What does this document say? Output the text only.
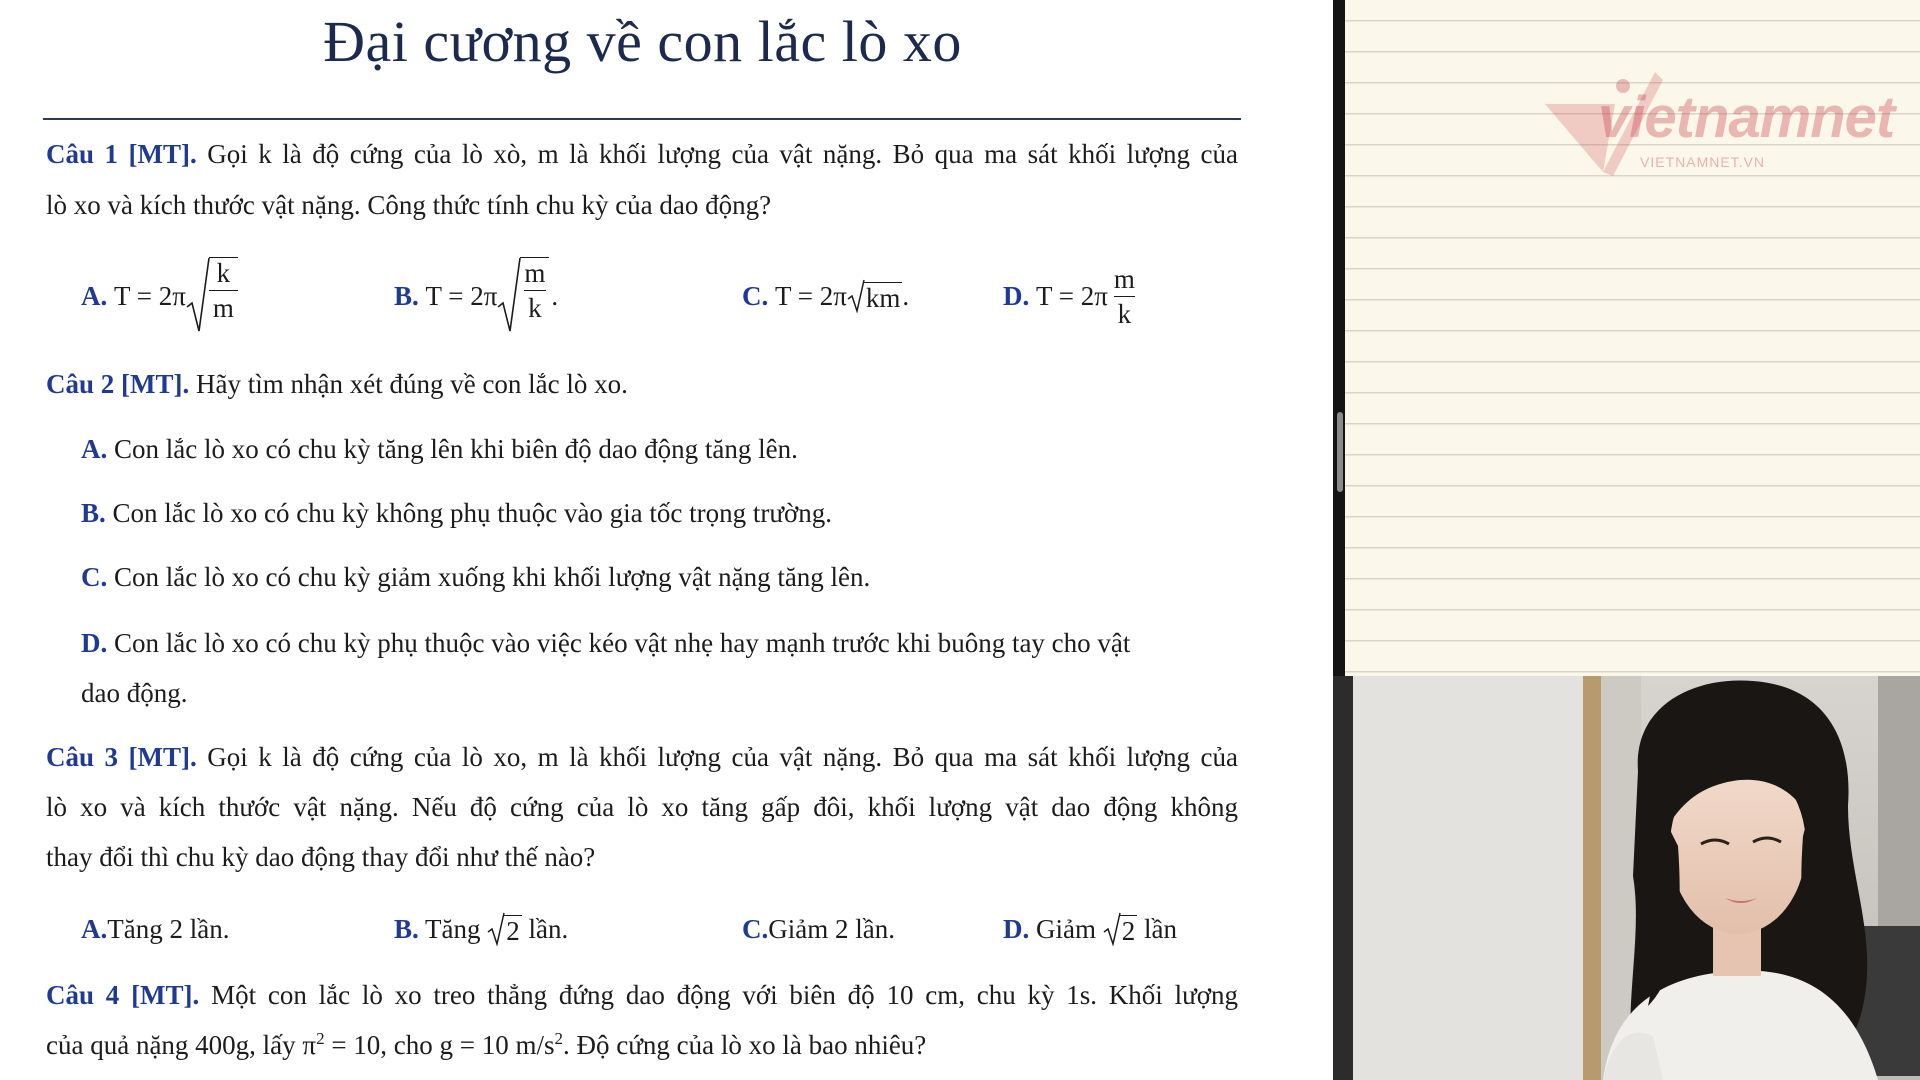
Đại cương về con lắc lò xo
Câu 1 [MT]. Gọi k là độ cứng của lò xò, m là khối lượng của vật nặng. Bỏ qua ma sát khối lượng của
lò xo và kích thước vật nặng. Công thức tính chu kỳ của dao động?
A.
$T = 2\pi \frac{k}{m}$	B.
$T = 2\pi \frac{m}{k}$ .	C.
T = 2π km .	D.
$T = 2\pi \frac{m}{k}$
Câu 2 [MT]. Hãy tìm nhận xét đúng về con lắc lò xo.
A. Con lắc lò xo có chu kỳ tăng lên khi biên độ dao động tăng lên.
B. Con lắc lò xo có chu kỳ không phụ thuộc vào gia tốc trọng trường.
C. Con lắc lò xo có chu kỳ giảm xuống khi khối lượng vật nặng tăng lên.
D. Con lắc lò xo có chu kỳ phụ thuộc vào việc kéo vật nhẹ hay mạnh trước khi buông tay cho vật
dao động.
Câu 3 [MT]. Gọi k là độ cứng của lò xo, m là khối lượng của vật nặng. Bỏ qua ma sát khối lượng của
lò xo và kích thước vật nặng. Nếu độ cứng của lò xo tăng gấp đôi, khối lượng vật dao động không
thay đổi thì chu kỳ dao động thay đổi như thế nào?
A. Tăng 2 lần.	B. Tăng 2 lần.	C. Giảm 2 lần.	D. Giảm 2 lần
Câu 4 [MT]. Một con lắc lò xo treo thẳng đứng dao động với biên độ 10 cm, chu kỳ 1s. Khối lượng
của quả nặng 400g, lấy $\pi^2 = 10$, cho g = 10 $m/s^2$. Độ cứng của lò xo là bao nhiêu?
vietnamnet
VIETNAMNET.VN
